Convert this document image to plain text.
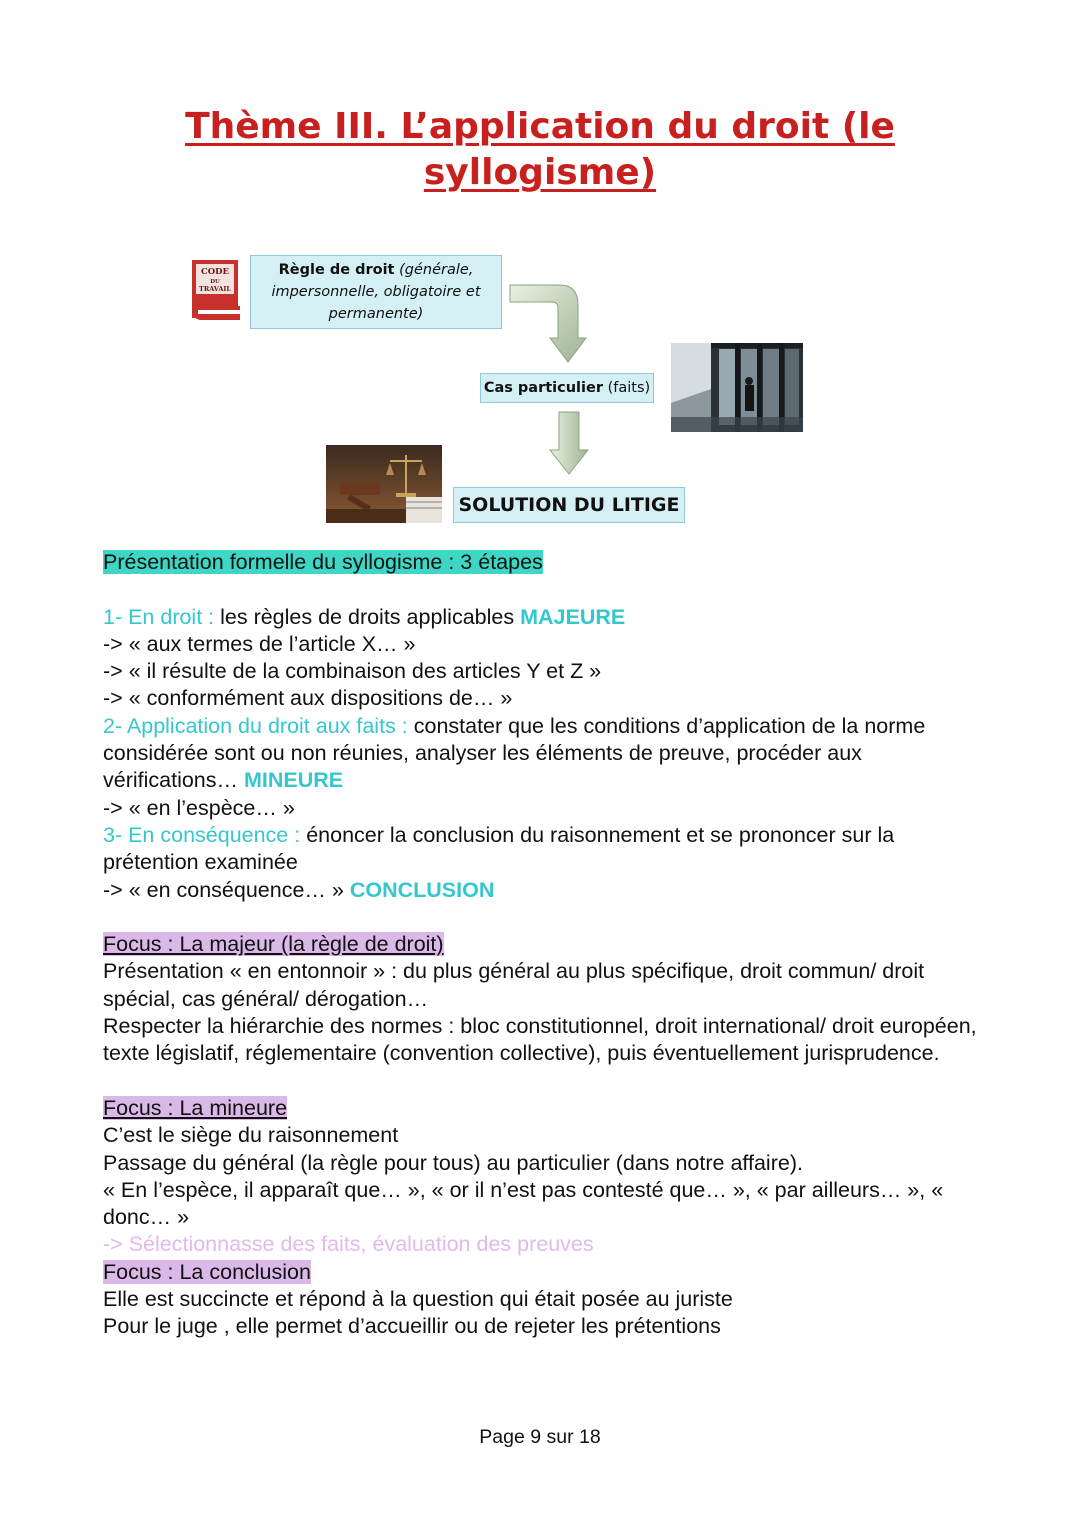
Thème III. L’application du droit (le syllogisme)
CODE
DU
TRAVAIL
Règle de droit (générale, impersonnelle, obligatoire et permanente)
Cas particulier (faits)
SOLUTION DU LITIGE

Présentation formelle du syllogisme : 3 étapes

1- En droit : les règles de droits applicables MAJEURE

-> « aux termes de l’article X… »

-> « il résulte de la combinaison des articles Y et Z »

-> « conformément aux dispositions de… »

2- Application du droit aux faits : constater que les conditions d’application de la norme considérée sont ou non réunies, analyser les éléments de preuve, procéder aux vérifications… MINEURE

-> « en l’espèce… »

3- En conséquence : énoncer la conclusion du raisonnement et se prononcer sur la prétention examinée

-> « en conséquence… » CONCLUSION

Focus : La majeur (la règle de droit)

Présentation « en entonnoir » : du plus général au plus spécifique, droit commun/ droit spécial, cas général/ dérogation…

Respecter la hiérarchie des normes : bloc constitutionnel, droit international/ droit européen, texte législatif, réglementaire (convention collective), puis éventuellement jurisprudence.

Focus : La mineure

C’est le siège du raisonnement

Passage du général (la règle pour tous) au particulier (dans notre affaire).

« En l’espèce, il apparaît que… », « or il n’est pas contesté que… », « par ailleurs… », « donc… »

-> Sélectionnasse des faits, évaluation des preuves

Focus : La conclusion

Elle est succincte et répond à la question qui était posée au juriste

Pour le juge , elle permet d’accueillir ou de rejeter les prétentions

Page 9 sur 18
